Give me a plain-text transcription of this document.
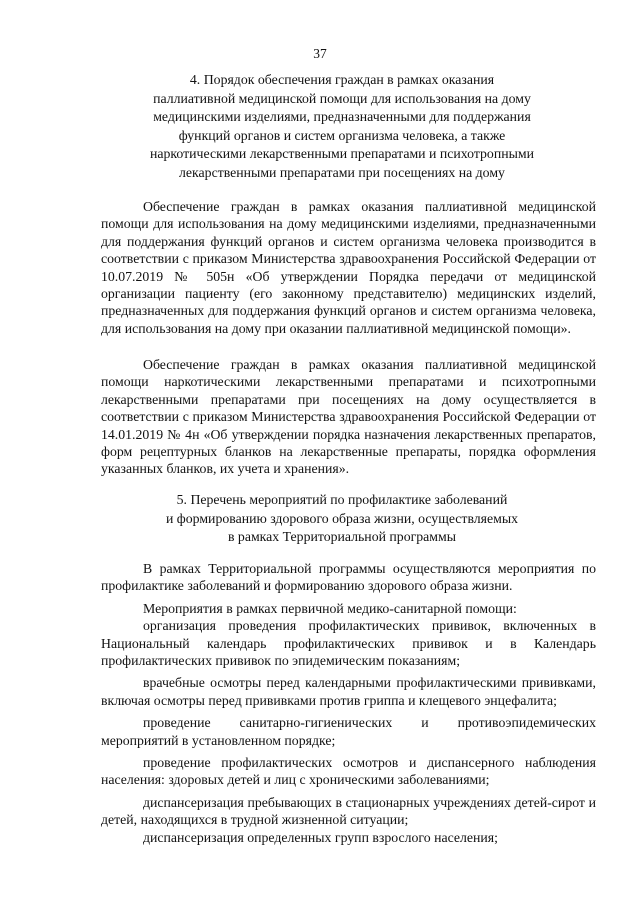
37
4. Порядок обеспечения граждан в рамках оказания
паллиативной медицинской помощи для использования на дому
медицинскими изделиями, предназначенными для поддержания
функций органов и систем организма человека, а также
наркотическими лекарственными препаратами и психотропными
лекарственными препаратами при посещениях на дому

Обеспечение граждан в рамках оказания паллиативной медицинской помощи для использования на дому медицинскими изделиями, предназначенными для поддержания функций органов и систем организма человека производится в соответствии с приказом Министерства здравоохранения Российской Федерации от 10.07.2019 № 505н «Об утверждении Порядка передачи от медицинской организации пациенту (его законному представителю) медицинских изделий, предназначенных для поддержания функций органов и систем организма человека, для использования на дому при оказании паллиативной медицинской помощи».

Обеспечение граждан в рамках оказания паллиативной медицинской помощи наркотическими лекарственными препаратами и психотропными лекарственными препаратами при посещениях на дому осуществляется в соответствии с приказом Министерства здравоохранения Российской Федерации от 14.01.2019 № 4н «Об утверждении порядка назначения лекарственных препаратов, форм рецептурных бланков на лекарственные препараты, порядка оформления указанных бланков, их учета и хранения».

5. Перечень мероприятий по профилактике заболеваний
и формированию здорового образа жизни, осуществляемых
в рамках Территориальной программы

В рамках Территориальной программы осуществляются мероприятия по профилактике заболеваний и формированию здорового образа жизни.

Мероприятия в рамках первичной медико-санитарной помощи:

организация проведения профилактических прививок, включенных в Национальный календарь профилактических прививок и в Календарь профилактических прививок по эпидемическим показаниям;

врачебные осмотры перед календарными профилактическими прививками, включая осмотры перед прививками против гриппа и клещевого энцефалита;

проведение санитарно-гигиенических и противоэпидемических мероприятий в установленном порядке;

проведение профилактических осмотров и диспансерного наблюдения населения: здоровых детей и лиц с хроническими заболеваниями;

диспансеризация пребывающих в стационарных учреждениях детей-сирот и детей, находящихся в трудной жизненной ситуации;

диспансеризация определенных групп взрослого населения;
